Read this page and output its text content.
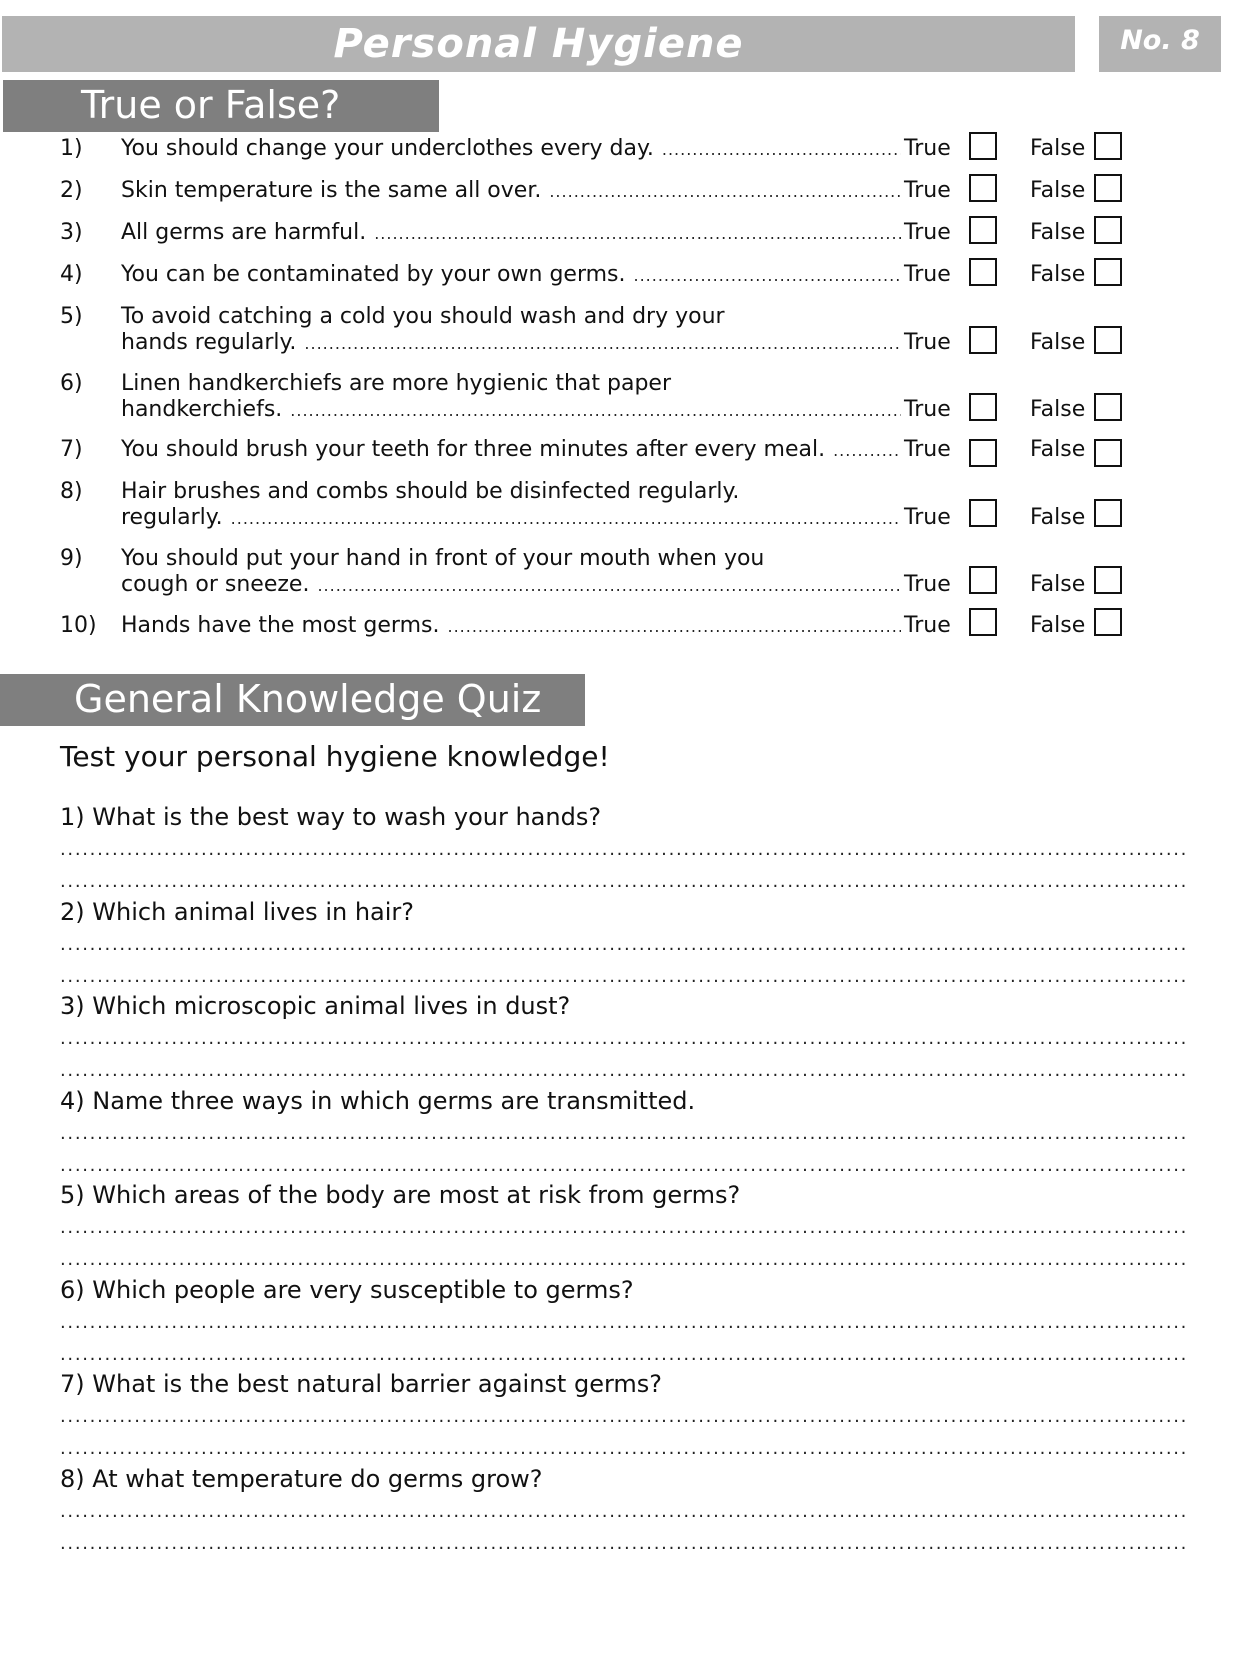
Personal Hygiene	No. 8
True or False?
1)	You should change your underclothes every day. .....	True	False
2)	Skin temperature is the same all over. .....	True	False
3)	All germs are harmful. .....	True	False
4)	You can be contaminated by your own germs. .....	True	False
5)	To avoid catching a cold you should wash and dry your
hands regularly. .....	True	False
6)	Linen handkerchiefs are more hygienic that paper
handkerchiefs. .....	True	False
7)	You should brush your teeth for three minutes after every meal. .....	True	False
8)	Hair brushes and combs should be disinfected regularly.
regularly. .....	True	False
9)	You should put your hand in front of your mouth when you
cough or sneeze. .....	True	False
10)	Hands have the most germs. .....	True	False
General Knowledge Quiz
Test your personal hygiene knowledge!
1) What is the best way to wash your hands?
.....
.....
2) Which animal lives in hair?
.....
.....
3) Which microscopic animal lives in dust?
.....
.....
4) Name three ways in which germs are transmitted.
.....
.....
5) Which areas of the body are most at risk from germs?
.....
.....
6) Which people are very susceptible to germs?
.....
.....
7) What is the best natural barrier against germs?
.....
.....
8) At what temperature do germs grow?
.....
.....
